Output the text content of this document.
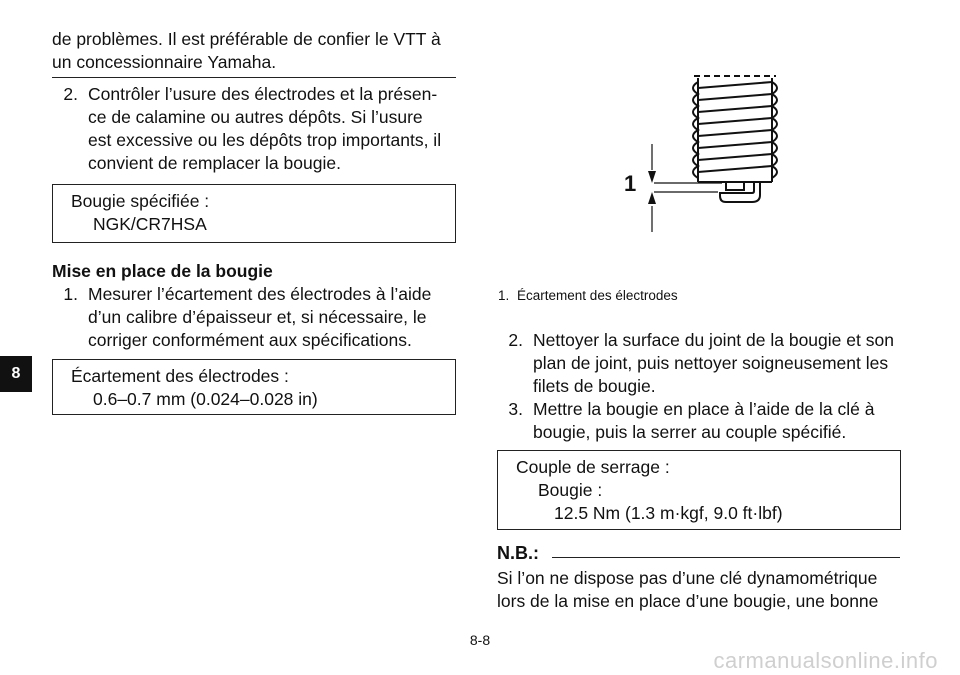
de problèmes. Il est préférable de confier le VTT à
un concessionnaire Yamaha.
2. Contrôler l’usure des électrodes et la présen-
ce de calamine ou autres dépôts. Si l’usure
est excessive ou les dépôts trop importants, il
convient de remplacer la bougie.
Bougie spécifiée :
NGK/CR7HSA
Mise en place de la bougie
1. Mesurer l’écartement des électrodes à l’aide
d’un calibre d’épaisseur et, si nécessaire, le
corriger conformément aux spécifications.
Écartement des électrodes :
0.6–0.7 mm (0.024–0.028 in)
8
1
1. Écartement des électrodes
2. Nettoyer la surface du joint de la bougie et son
plan de joint, puis nettoyer soigneusement les
filets de bougie.
3. Mettre la bougie en place à l’aide de la clé à
bougie, puis la serrer au couple spécifié.
Couple de serrage :
Bougie :
12.5 Nm (1.3 m·kgf, 9.0 ft·lbf)
N.B.:
Si l’on ne dispose pas d’une clé dynamométrique
lors de la mise en place d’une bougie, une bonne
8-8
carmanualsonline.info
